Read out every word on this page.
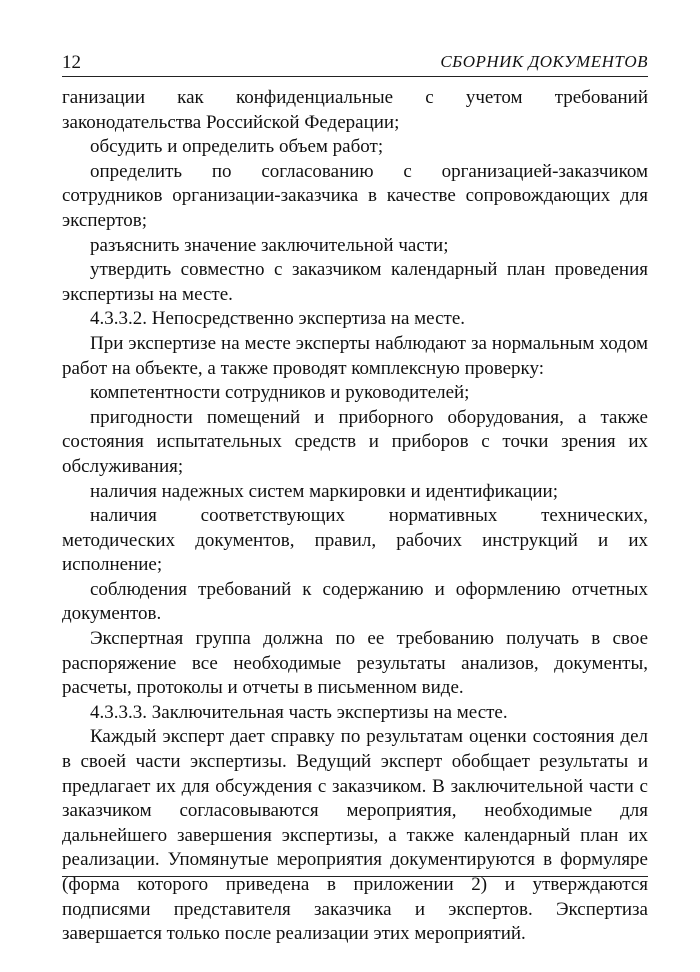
12	СБОРНИК ДОКУМЕНТОВ

ганизации как конфиденциальные с учетом требований законодательства Российской Федерации;

обсудить и определить объем работ;

определить по согласованию с организацией-заказчиком сотрудников организации-заказчика в качестве сопровождающих для экспертов;

разъяснить значение заключительной части;

утвердить совместно с заказчиком календарный план проведения экспертизы на месте.

4.3.3.2. Непосредственно экспертиза на месте.

При экспертизе на месте эксперты наблюдают за нормальным ходом работ на объекте, а также проводят комплексную проверку:

компетентности сотрудников и руководителей;

пригодности помещений и приборного оборудования, а также состояния испытательных средств и приборов с точки зрения их обслуживания;

наличия надежных систем маркировки и идентификации;

наличия соответствующих нормативных технических, методических документов, правил, рабочих инструкций и их исполнение;

соблюдения требований к содержанию и оформлению отчетных документов.

Экспертная группа должна по ее требованию получать в свое распоряжение все необходимые результаты анализов, документы, расчеты, протоколы и отчеты в письменном виде.

4.3.3.3. Заключительная часть экспертизы на месте.

Каждый эксперт дает справку по результатам оценки состояния дел в своей части экспертизы. Ведущий эксперт обобщает результаты и предлагает их для обсуждения с заказчиком. В заключительной части с заказчиком согласовываются мероприятия, необходимые для дальнейшего завершения экспертизы, а также календарный план их реализации. Упомянутые мероприятия документируются в формуляре (форма которого приведена в приложении 2) и утверждаются подписями представителя заказчика и экспертов. Экспертиза завершается только после реализации этих мероприятий.
